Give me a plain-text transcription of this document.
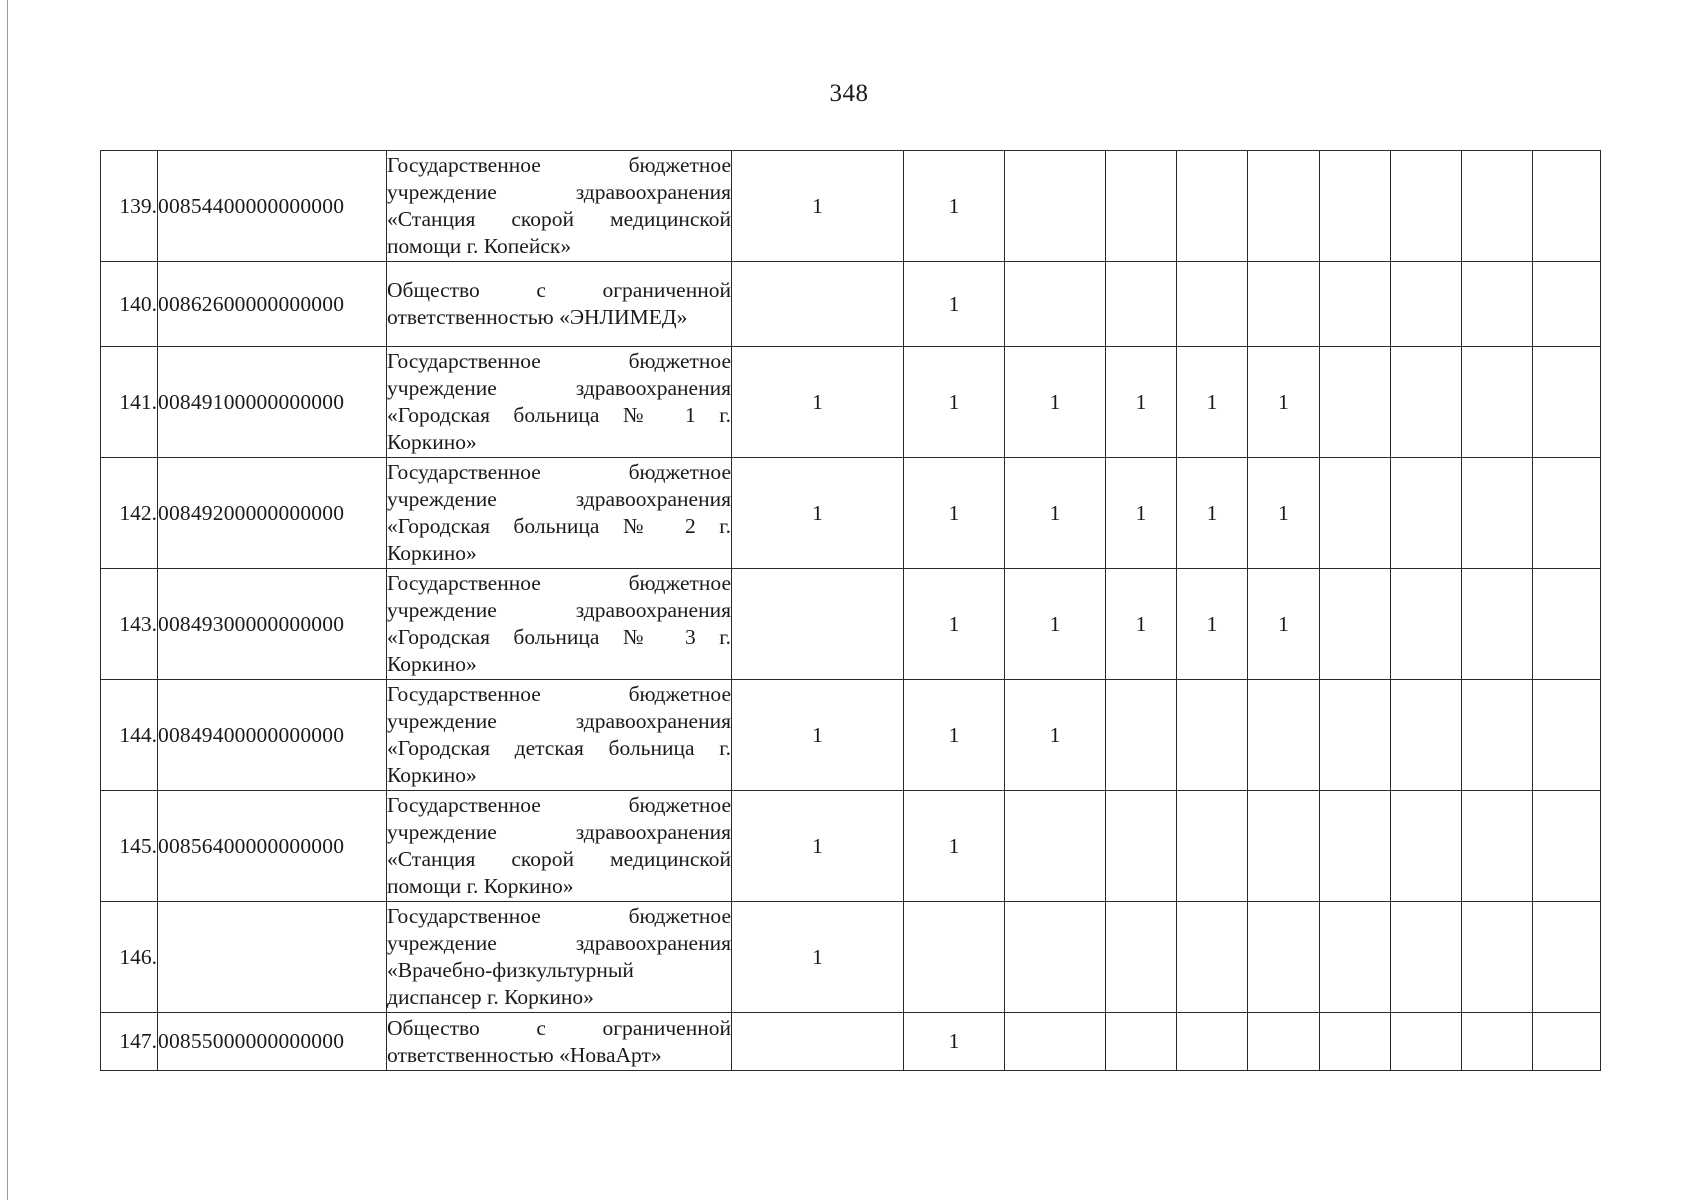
348
139.	00854400000000000	Государственное бюджетное учреждение здравоохранения «Станция скорой медицинской помощи г. Копейск»	1	1								
140.	00862600000000000	Общество с ограниченной ответственностью «ЭНЛИМЕД»		1								
141.	00849100000000000	Государственное бюджетное учреждение здравоохранения «Городская больница № 1 г. Коркино»	1	1	1	1	1	1				
142.	00849200000000000	Государственное бюджетное учреждение здравоохранения «Городская больница № 2 г. Коркино»	1	1	1	1	1	1				
143.	00849300000000000	Государственное бюджетное учреждение здравоохранения «Городская больница № 3 г. Коркино»		1	1	1	1	1				
144.	00849400000000000	Государственное бюджетное учреждение здравоохранения «Городская детская больница г. Коркино»	1	1	1							
145.	00856400000000000	Государственное бюджетное учреждение здравоохранения «Станция скорой медицинской помощи г. Коркино»	1	1								
146.		Государственное бюджетное учреждение здравоохранения «Врачебно-физкультурный диспансер г. Коркино»	1									
147.	00855000000000000	Общество с ограниченной ответственностью «НоваАрт»		1								
